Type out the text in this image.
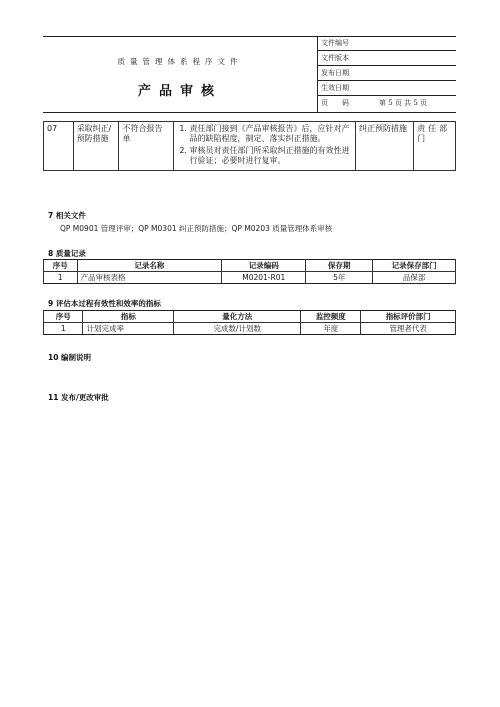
质量管理体系程序文件
产品审核
文件编号
文件版本
发布日期
生效日期
页　　码	第 5 页 共 5 页
07	采取纠正/预防措施	不符合报告单	
1. 责任部门接到《产品审核报告》后，应针对产品的缺陷程度，制定、落实纠正措施。
2. 审核员对责任部门所采取纠正措施的有效性进行验证；必要时进行复审。
	纠正预防措施	责任部门
7 相关文件
QP M0901 管理评审；QP M0301 纠正预防措施；QP M0203 质量管理体系审核
8 质量记录
序号	记录名称	记录编码	保存期	记录保存部门
1	产品审核表格	M0201-R01	5年	品保部
9 评估本过程有效性和效率的指标
序号	指标	量化方法	监控频度	指标评价部门
1	计划完成率	完成数/计划数	年度	管理者代表
10 编制说明
11 发布/更改审批
